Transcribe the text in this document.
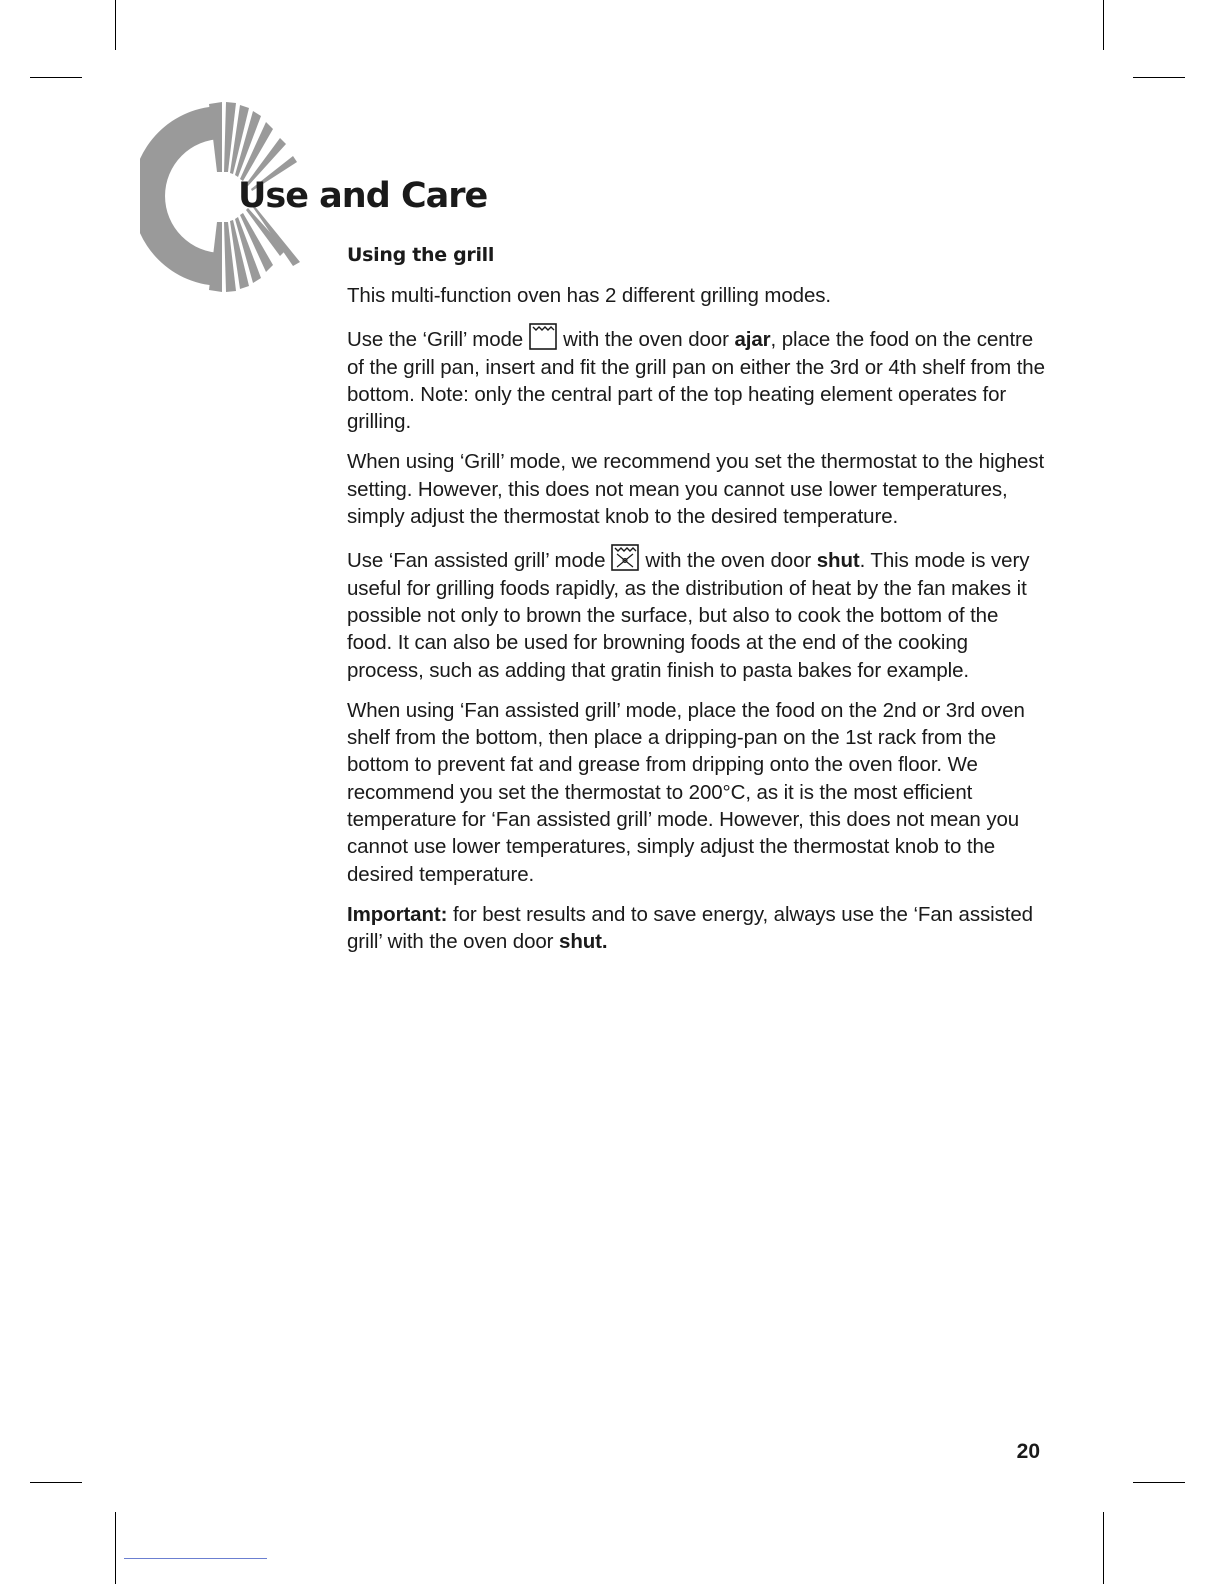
Use and Care
Using the grill

This multi-function oven has 2 different grilling modes.

Use the ‘Grill’ mode with the oven door ajar, place the food on the centre of the grill pan, insert and fit the grill pan on either the 3rd or 4th shelf from the bottom. Note: only the central part of the top heating element operates for grilling.

When using ‘Grill’ mode, we recommend you set the thermostat to the highest setting. However, this does not mean you cannot use lower temperatures, simply adjust the thermostat knob to the desired temperature.

Use ‘Fan assisted grill’ mode with the oven door shut. This mode is very useful for grilling foods rapidly, as the distribution of heat by the fan makes it possible not only to brown the surface, but also to cook the bottom of the food. It can also be used for browning foods at the end of the cooking process, such as adding that gratin finish to pasta bakes for example.

When using ‘Fan assisted grill’ mode, place the food on the 2nd or 3rd oven shelf from the bottom, then place a dripping-pan on the 1st rack from the bottom to prevent fat and grease from dripping onto the oven floor. We recommend you set the thermostat to 200°C, as it is the most efficient temperature for ‘Fan assisted grill’ mode. However, this does not mean you cannot use lower temperatures, simply adjust the thermostat knob to the desired temperature.

Important: for best results and to save energy, always use the ‘Fan assisted grill’ with the oven door shut.

20
